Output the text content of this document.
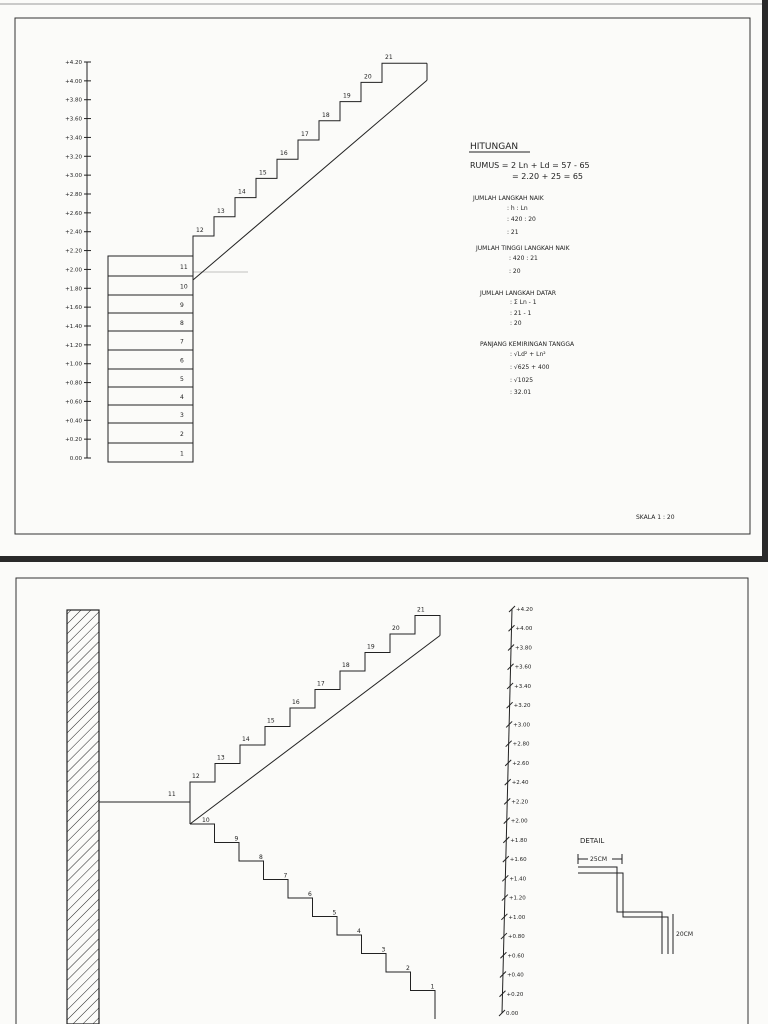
+4.20
+4.00
+3.80
+3.60
+3.40
+3.20
+3.00
+2.80
+2.60
+2.40
+2.20
+2.00
+1.80
+1.60
+1.40
+1.20
+1.00
+0.80
+0.60
+0.40
+0.20
0.00
1
2
3
4
5
6
7
8
9
10
11
12
13
14
15
16
17
18
19
20
21
HITUNGAN
RUMUS = 2 Ln + Ld = 57 - 65
= 2.20 + 25 = 65
JUMLAH LANGKAH NAIK
: h : Ln
: 420 : 20
: 21
JUMLAH TINGGI LANGKAH NAIK
: 420 : 21
: 20
JUMLAH LANGKAH DATAR
: Σ Ln - 1
: 21 - 1
: 20
PANJANG KEMIRINGAN TANGGA
: √Ld² + Ln²
: √625 + 400
: √1025
: 32.01
SKALA 1 : 20
11
10
9
8
7
6
5
4
3
2
1
12
13
14
15
16
17
18
19
20
21	+4.20
+4.00
+3.80
+3.60
+3.40
+3.20
+3.00
+2.80
+2.60
+2.40
+2.20
+2.00
+1.80
+1.60
+1.40
+1.20
+1.00
+0.80
+0.60
+0.40
+0.20
0.00
DETAIL
25CM
20CM
